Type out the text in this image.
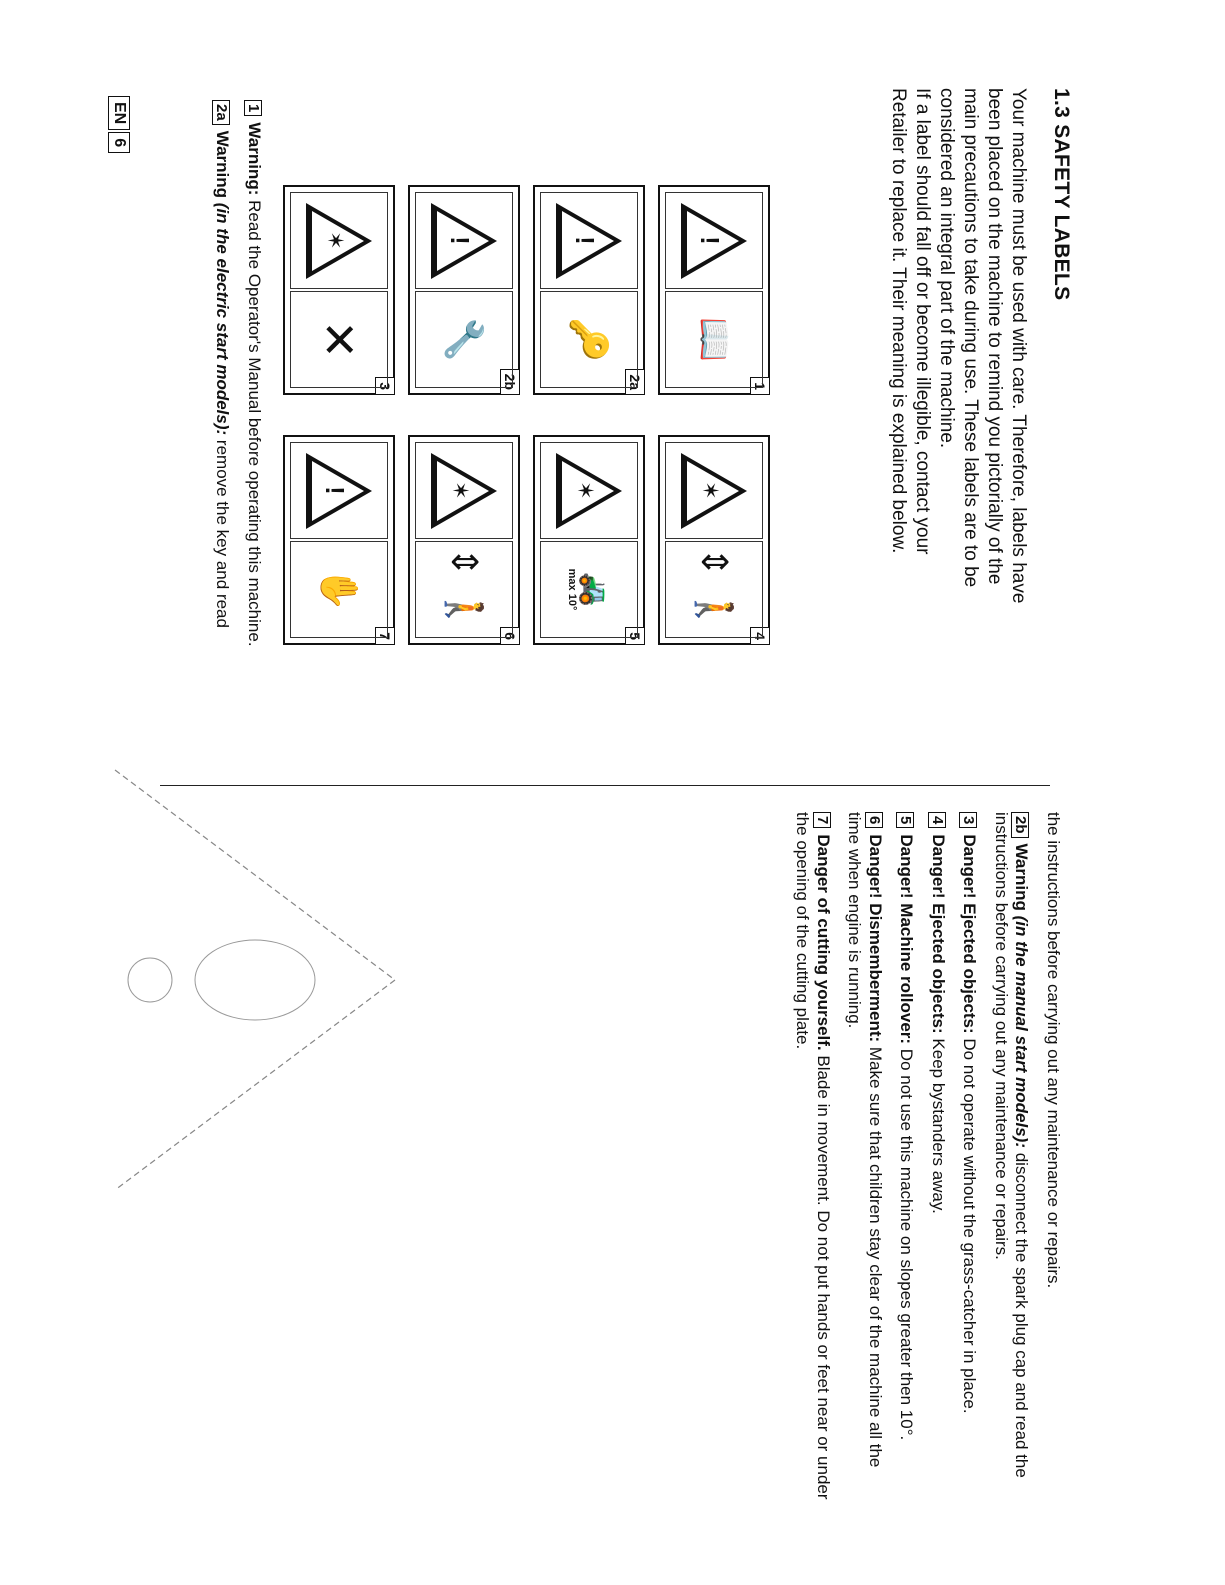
1.3 SAFETY LABELS

Your machine must be used with care. Therefore, labels have

been placed on the machine to remind you pictorially of the

main precautions to take during use. These labels are to be

considered an integral part of the machine.

If a label should fall off or become illegible, contact your

Retailer to replace it. Their meaning is explained below.

1
!
📖
2a
!
🔑
2b
!
🔧
3
✶
✕
4
✶
⇕ 🚶
5
✶
🚜
max 10°
6
✶
⇕ 🚶
7
!
✋
1Warning: Read the Operator's Manual before operating this machine.
2aWarning (in the electric start models): remove the key and read
the instructions before carrying out any maintenance or repairs.
2bWarning (in the manual start models): disconnect the spark plug cap and read the instructions before carrying out any maintenance or repairs.
3Danger! Ejected objects: Do not operate without the grass-catcher in place.
4Danger! Ejected objects: Keep bystanders away.
5Danger! Machine rollover: Do not use this machine on slopes greater then 10°.
6Danger! Dismemberment: Make sure that children stay clear of the machine all the time when engine is running.
7Danger of cutting yourself. Blade in movement. Do not put hands or feet near or under the opening of the cutting plate.
EN
6
